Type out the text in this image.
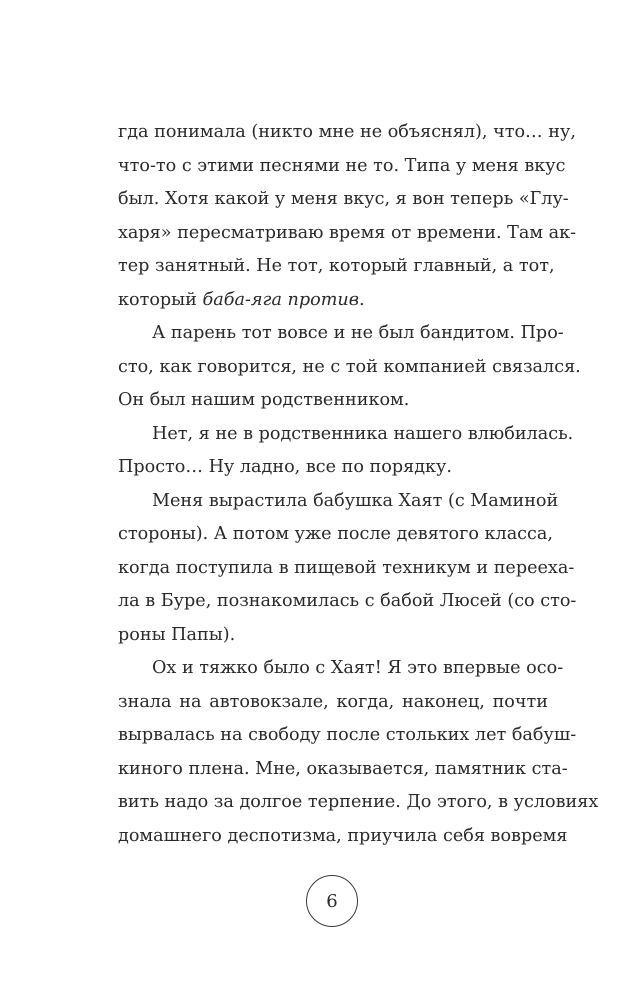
гда понимала (никто мне не объяснял), что… ну,
что-то с этими песнями не то. Типа у меня вкус
был. Хотя какой у меня вкус, я вон теперь «Глу-
харя» пересматриваю время от времени. Там ак-
тер занятный. Не тот, который главный, а тот,
который баба-яга против.
А парень тот вовсе и не был бандитом. Про-
сто, как говорится, не с той компанией связался.
Он был нашим родственником.
Нет, я не в родственника нашего влюбилась.
Просто… Ну ладно, все по порядку.
Меня вырастила бабушка Хаят (с Маминой
стороны). А потом уже после девятого класса,
когда поступила в пищевой техникум и переехa-
ла в Буре, познакомилась с бабой Люсей (со сто-
роны Папы).
Ох и тяжко было с Хаят! Я это впервые осо-
знала на автовокзале, когда, наконец, почти
вырвалась на свободу после стольких лет бабуш-
киного плена. Мне, оказывается, памятник ста-
вить надо за долгое терпение. До этого, в условиях
домашнего деспотизма, приучила себя вовремя
6
